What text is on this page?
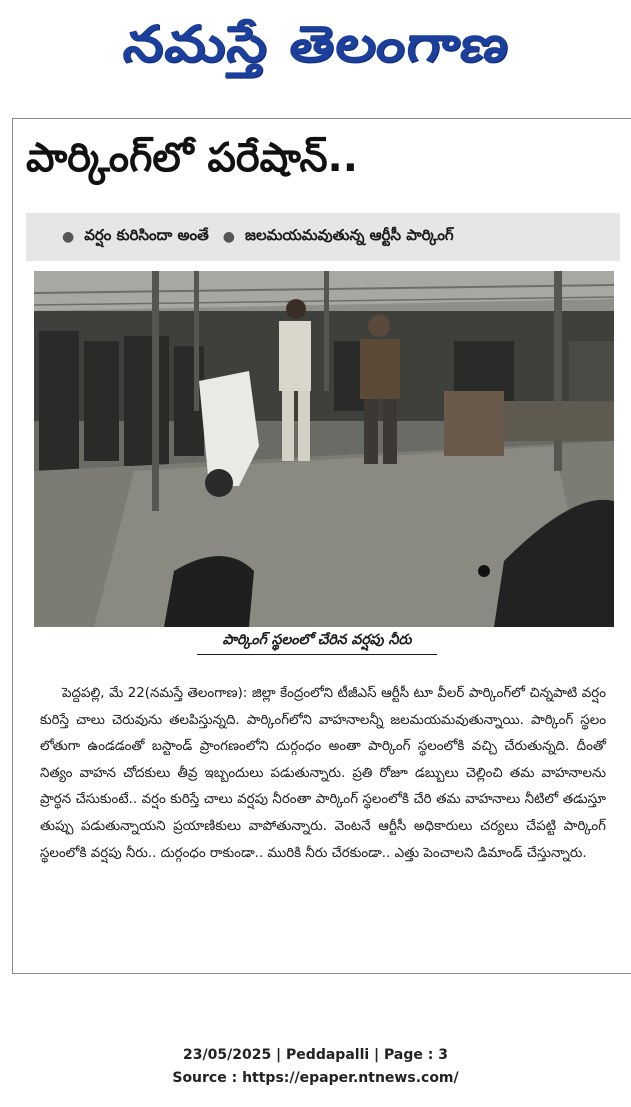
నమస్తే తెలంగాణ
పార్కింగ్‌లో పరేషాన్..
● వర్షం కురిసిందా అంతే ● జలమయమవుతున్న ఆర్టీసీ పార్కింగ్
పార్కింగ్ స్థలంలో చేరిన వర్షపు నీరు
పెద్దపల్లి, మే 22(నమస్తే తెలంగాణ): జిల్లా కేంద్రంలోని టీజీఎస్ ఆర్టీసీ టూ వీలర్ పార్కింగ్‌లో చిన్నపాటి వర్షం కురిస్తే చాలు చెరువును తలపిస్తున్నది. పార్కింగ్‌లోని వాహనాలన్నీ జలమయమవుతున్నాయి. పార్కింగ్ స్థలం లోతుగా ఉండడంతో బస్టాండ్ ప్రాంగణంలోని దుర్గంధం అంతా పార్కింగ్ స్థలంలోకి వచ్చి చేరుతున్నది. దీంతో నిత్యం వాహన చోదకులు తీవ్ర ఇబ్బందులు పడుతున్నారు. ప్రతి రోజూ డబ్బులు చెల్లించి తమ వాహనాలను ప్రార్థన చేసుకుంటే.. వర్షం కురిస్తే చాలు వర్షపు నీరంతా పార్కింగ్ స్థలంలోకి చేరి తమ వాహనాలు నీటిలో తడుస్తూ తుప్పు పడుతున్నాయని ప్రయాణికులు వాపోతున్నారు. వెంటనే ఆర్టీసీ అధికారులు చర్యలు చేపట్టి పార్కింగ్ స్థలంలోకి వర్షపు నీరు.. దుర్గంధం రాకుండా.. మురికి నీరు చేరకుండా.. ఎత్తు పెంచాలని డిమాండ్ చేస్తున్నారు.
23/05/2025 | Peddapalli | Page : 3
Source : https://epaper.ntnews.com/
